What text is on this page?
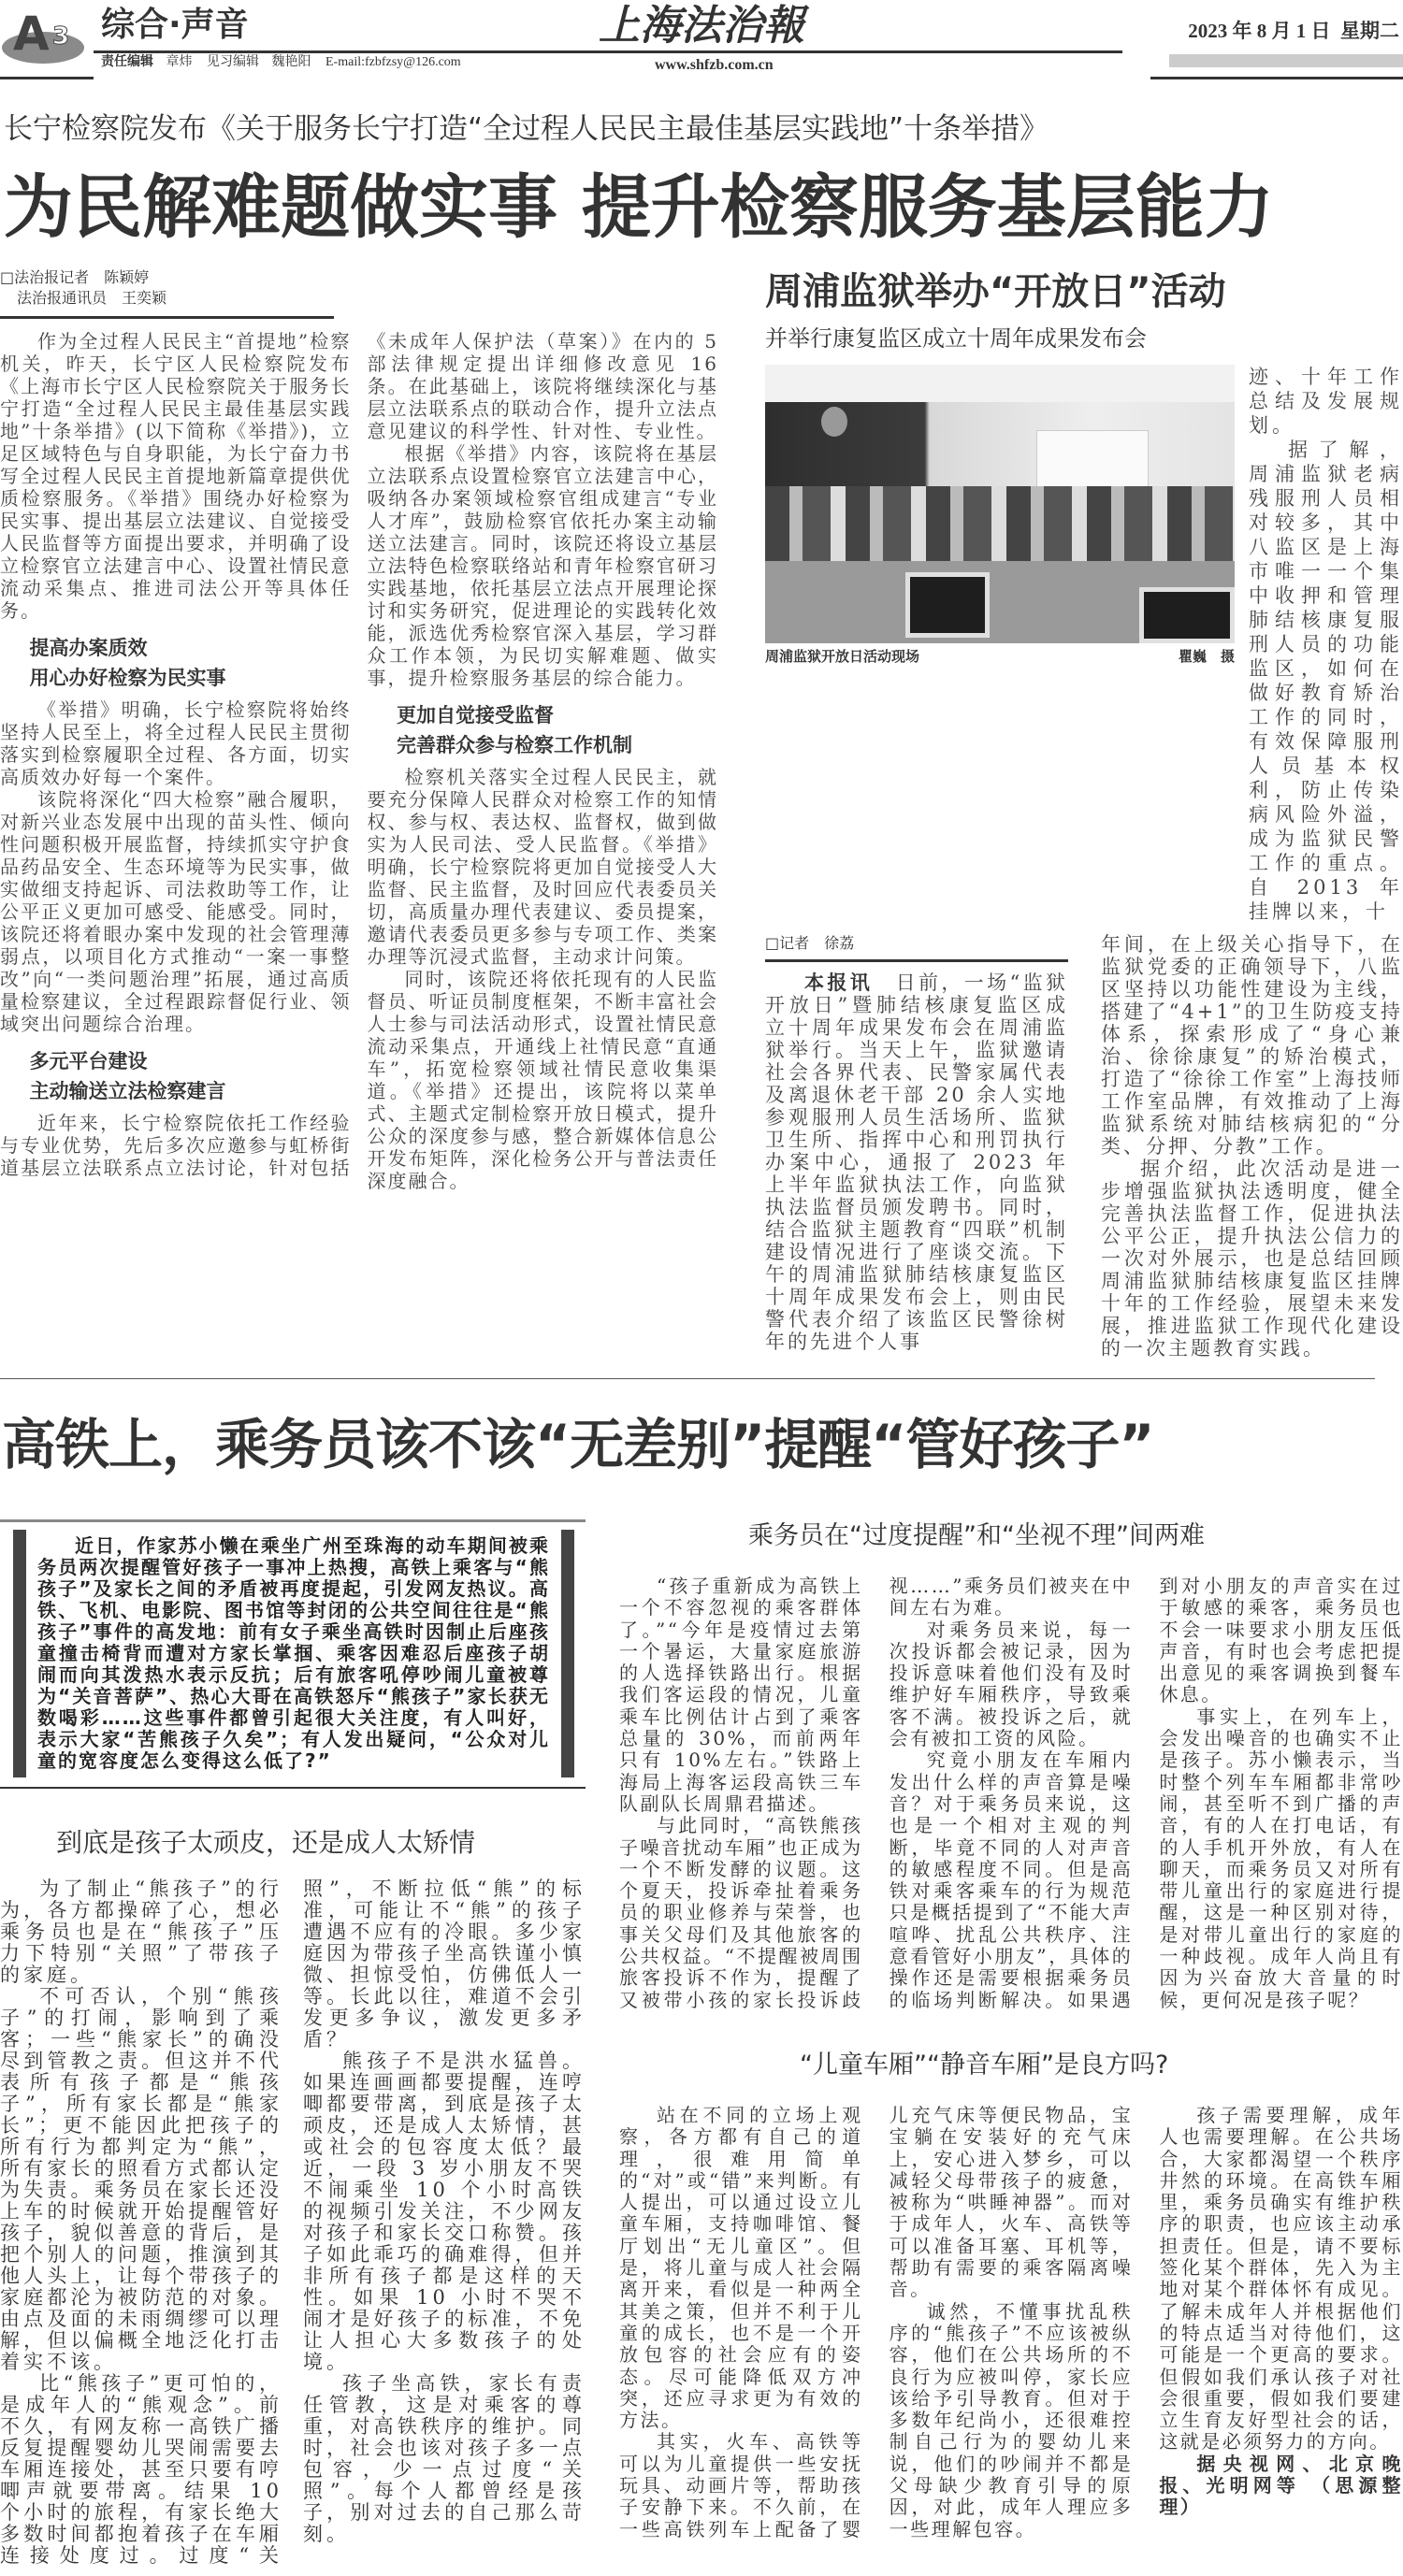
A 3 综合·声音	上海法治報	2023 年 8 月 1 日  星期二
责任编辑 章炜 见习编辑 魏艳阳 E-mail:fzbfzsy@126.com	www.shfzb.com.cn
长宁检察院发布《关于服务长宁打造“全过程人民民主最佳基层实践地”十条举措》
为民解难题做实事 提升检察服务基层能力
□法治报记者　陈颖婷
法治报通讯员　王奕颖

作为全过程人民民主“首提地”检察机关，昨天，长宁区人民检察院发布《上海市长宁区人民检察院关于服务长宁打造“全过程人民民主最佳基层实践地”十条举措》(以下简称《举措》)，立足区域特色与自身职能，为长宁奋力书写全过程人民民主首提地新篇章提供优质检察服务。《举措》围绕办好检察为民实事、提出基层立法建议、自觉接受人民监督等方面提出要求，并明确了设立检察官立法建言中心、设置社情民意流动采集点、推进司法公开等具体任务。

提高办案质效
用心办好检察为民实事

《举措》明确，长宁检察院将始终坚持人民至上，将全过程人民民主贯彻落实到检察履职全过程、各方面，切实高质效办好每一个案件。

该院将深化“四大检察”融合履职，对新兴业态发展中出现的苗头性、倾向性问题积极开展监督，持续抓实守护食品药品安全、生态环境等为民实事，做实做细支持起诉、司法救助等工作，让公平正义更加可感受、能感受。同时，该院还将着眼办案中发现的社会管理薄弱点，以项目化方式推动“一案一事整改”向“一类问题治理”拓展，通过高质量检察建议，全过程跟踪督促行业、领域突出问题综合治理。

多元平台建设
主动输送立法检察建言

近年来，长宁检察院依托工作经验与专业优势，先后多次应邀参与虹桥街道基层立法联系点立法讨论，针对包括《未成年人保护法（草案）》在内的 5 部法律规定提出详细修改意见 16 条。在此基础上，该院将继续深化与基层立法联系点的联动合作，提升立法点意见建议的科学性、针对性、专业性。

根据《举措》内容，该院将在基层立法联系点设置检察官立法建言中心，吸纳各办案领域检察官组成建言“专业人才库”，鼓励检察官依托办案主动输送立法建言。同时，该院还将设立基层立法特色检察联络站和青年检察官研习实践基地，依托基层立法点开展理论探讨和实务研究，促进理论的实践转化效能，派选优秀检察官深入基层，学习群众工作本领，为民切实解难题、做实事，提升检察服务基层的综合能力。

更加自觉接受监督
完善群众参与检察工作机制

检察机关落实全过程人民民主，就要充分保障人民群众对检察工作的知情权、参与权、表达权、监督权，做到做实为人民司法、受人民监督。《举措》明确，长宁检察院将更加自觉接受人大监督、民主监督，及时回应代表委员关切，高质量办理代表建议、委员提案，邀请代表委员更多参与专项工作、类案办理等沉浸式监督，主动求计问策。

同时，该院还将依托现有的人民监督员、听证员制度框架，不断丰富社会人士参与司法活动形式，设置社情民意流动采集点，开通线上社情民意“直通车”，拓宽检察领域社情民意收集渠道。《举措》还提出，该院将以菜单式、主题式定制检察开放日模式，提升公众的深度参与感，整合新媒体信息公开发布矩阵，深化检务公开与普法责任深度融合。

周浦监狱举办“开放日”活动
并举行康复监区成立十周年成果发布会
周浦监狱开放日活动现场	瞿巍　摄
迹、十年工作总结及发展规划。

据了解，周浦监狱老病残服刑人员相对较多，其中八监区是上海市唯一一个集中收押和管理肺结核康复服刑人员的功能监区，如何在做好教育矫治工作的同时，有效保障服刑人员基本权利，防止传染病风险外溢，成为监狱民警工作的重点。自 2013 年挂牌以来，十

□记者　徐荔

本报讯　 日前，一场“监狱开放日”暨肺结核康复监区成立十周年成果发布会在周浦监狱举行。当天上午，监狱邀请社会各界代表、民警家属代表及离退休老干部 20 余人实地参观服刑人员生活场所、监狱卫生所、指挥中心和刑罚执行办案中心，通报了 2023 年上半年监狱执法工作，向监狱执法监督员颁发聘书。同时，结合监狱主题教育“四联”机制建设情况进行了座谈交流。下午的周浦监狱肺结核康复监区十周年成果发布会上，则由民警代表介绍了该监区民警徐树年的先进个人事

年间，在上级关心指导下，在监狱党委的正确领导下，八监区坚持以功能性建设为主线，搭建了“4+1”的卫生防疫支持体系，探索形成了“身心兼治、徐徐康复”的矫治模式，打造了“徐徐工作室”上海技师工作室品牌，有效推动了上海监狱系统对肺结核病犯的“分类、分押、分教”工作。

据介绍，此次活动是进一步增强监狱执法透明度，健全完善执法监督工作，促进执法公平公正，提升执法公信力的一次对外展示，也是总结回顾周浦监狱肺结核康复监区挂牌十年的工作经验，展望未来发展，推进监狱工作现代化建设的一次主题教育实践。

高铁上，乘务员该不该“无差别”提醒“管好孩子”

近日，作家苏小懒在乘坐广州至珠海的动车期间被乘务员两次提醒管好孩子一事冲上热搜，高铁上乘客与“熊孩子”及家长之间的矛盾被再度提起，引发网友热议。高铁、飞机、电影院、图书馆等封闭的公共空间往往是“熊孩子”事件的高发地：前有女子乘坐高铁时因制止后座孩童撞击椅背而遭对方家长掌掴、乘客因难忍后座孩子胡闹而向其泼热水表示反抗；后有旅客吼停吵闹儿童被尊为“关音菩萨”、热心大哥在高铁怒斥“熊孩子”家长获无数喝彩……这些事件都曾引起很大关注度，有人叫好，表示大家“苦熊孩子久矣”；有人发出疑问，“公众对儿童的宽容度怎么变得这么低了?”

到底是孩子太顽皮，还是成人太矫情

为了制止“熊孩子”的行为，各方都操碎了心，想必乘务员也是在“熊孩子”压力下特别“关照”了带孩子的家庭。

不可否认，个别“熊孩子”的打闹，影响到了乘客；一些“熊家长”的确没尽到管教之责。但这并不代表所有孩子都是“熊孩子”，所有家长都是“熊家长”；更不能因此把孩子的所有行为都判定为“熊”，所有家长的照看方式都认定为失责。乘务员在家长还没上车的时候就开始提醒管好孩子，貌似善意的背后，是把个别人的问题，推演到其他人头上，让每个带孩子的家庭都沦为被防范的对象。由点及面的未雨绸缪可以理解，但以偏概全地泛化打击着实不该。

比“熊孩子”更可怕的，是成年人的“熊观念”。前不久，有网友称一高铁广播反复提醒婴幼儿哭闹需要去车厢连接处，甚至只要有哼唧声就要带离。结果 10 个小时的旅程，有家长绝大多数时间都抱着孩子在车厢连接处度过。过度“关照”，不断拉低“熊”的标准，可能让不“熊”的孩子遭遇不应有的冷眼。多少家庭因为带孩子坐高铁谨小慎微、担惊受怕，仿佛低人一等。长此以往，难道不会引发更多争议，激发更多矛盾？

熊孩子不是洪水猛兽。如果连画画都要提醒，连哼唧都要带离，到底是孩子太顽皮，还是成人太矫情，甚或社会的包容度太低？最近，一段 3 岁小朋友不哭不闹乘坐 10 个小时高铁的视频引发关注，不少网友对孩子和家长交口称赞。孩子如此乖巧的确难得，但并非所有孩子都是这样的天性。如果 10 小时不哭不闹才是好孩子的标准，不免让人担心大多数孩子的处境。

孩子坐高铁，家长有责任管教，这是对乘客的尊重，对高铁秩序的维护。同时，社会也该对孩子多一点包容，少一点过度“关照”。每个人都曾经是孩子，别对过去的自己那么苛刻。

乘务员在“过度提醒”和“坐视不理”间两难

“孩子重新成为高铁上一个不容忽视的乘客群体了。”“今年是疫情过去第一个暑运，大量家庭旅游的人选择铁路出行。根据我们客运段的情况，儿童乘车比例估计占到了乘客总量的 30%，而前两年只有 10%左右。”铁路上海局上海客运段高铁三车队副队长周鼎君描述。

与此同时，“高铁熊孩子噪音扰动车厢”也正成为一个不断发酵的议题。这个夏天，投诉牵扯着乘务员的职业修养与荣誉，也事关父母们及其他旅客的公共权益。“不提醒被周围旅客投诉不作为，提醒了又被带小孩的家长投诉歧视……”乘务员们被夹在中间左右为难。

对乘务员来说，每一次投诉都会被记录，因为投诉意味着他们没有及时维护好车厢秩序，导致乘客不满。被投诉之后，就会有被扣工资的风险。

究竟小朋友在车厢内发出什么样的声音算是噪音？对于乘务员来说，这也是一个相对主观的判断，毕竟不同的人对声音的敏感程度不同。但是高铁对乘客乘车的行为规范只是概括提到了“不能大声喧哗、扰乱公共秩序、注意看管好小朋友”，具体的操作还是需要根据乘务员的临场判断解决。如果遇到对小朋友的声音实在过于敏感的乘客，乘务员也不会一味要求小朋友压低声音，有时也会考虑把提出意见的乘客调换到餐车休息。

事实上，在列车上，会发出噪音的也确实不止是孩子。苏小懒表示，当时整个列车车厢都非常吵闹，甚至听不到广播的声音，有的人在打电话，有的人手机开外放，有人在聊天，而乘务员又对所有带儿童出行的家庭进行提醒，这是一种区别对待，是对带儿童出行的家庭的一种歧视。成年人尚且有因为兴奋放大音量的时候，更何况是孩子呢？

“儿童车厢”“静音车厢”是良方吗?

站在不同的立场上观察，各方都有自己的道理，很难用简单的“对”或“错”来判断。有人提出，可以通过设立儿童车厢，支持咖啡馆、餐厅划出“无儿童区”。但是，将儿童与成人社会隔离开来，看似是一种两全其美之策，但并不利于儿童的成长，也不是一个开放包容的社会应有的姿态。尽可能降低双方冲突，还应寻求更为有效的方法。

其实，火车、高铁等可以为儿童提供一些安抚玩具、动画片等，帮助孩子安静下来。不久前，在一些高铁列车上配备了婴儿充气床等便民物品，宝宝躺在安装好的充气床上，安心进入梦乡，可以减轻父母带孩子的疲惫，被称为“哄睡神器”。而对于成年人，火车、高铁等可以准备耳塞、耳机等，帮助有需要的乘客隔离噪音。

诚然，不懂事扰乱秩序的“熊孩子”不应该被纵容，他们在公共场所的不良行为应被叫停，家长应该给予引导教育。但对于多数年纪尚小，还很难控制自己行为的婴幼儿来说，他们的吵闹并不都是父母缺少教育引导的原因，对此，成年人理应多一些理解包容。

孩子需要理解，成年人也需要理解。在公共场合，大家都渴望一个秩序井然的环境。在高铁车厢里，乘务员确实有维护秩序的职责，也应该主动承担责任。但是，请不要标签化某个群体，先入为主地对某个群体怀有成见。了解未成年人并根据他们的特点适当对待他们，这可能是一个更高的要求。但假如我们承认孩子对社会很重要，假如我们要建立生育友好型社会的话，这就是必须努力的方向。

据央视网、北京晚报、光明网等 （思源整理）
